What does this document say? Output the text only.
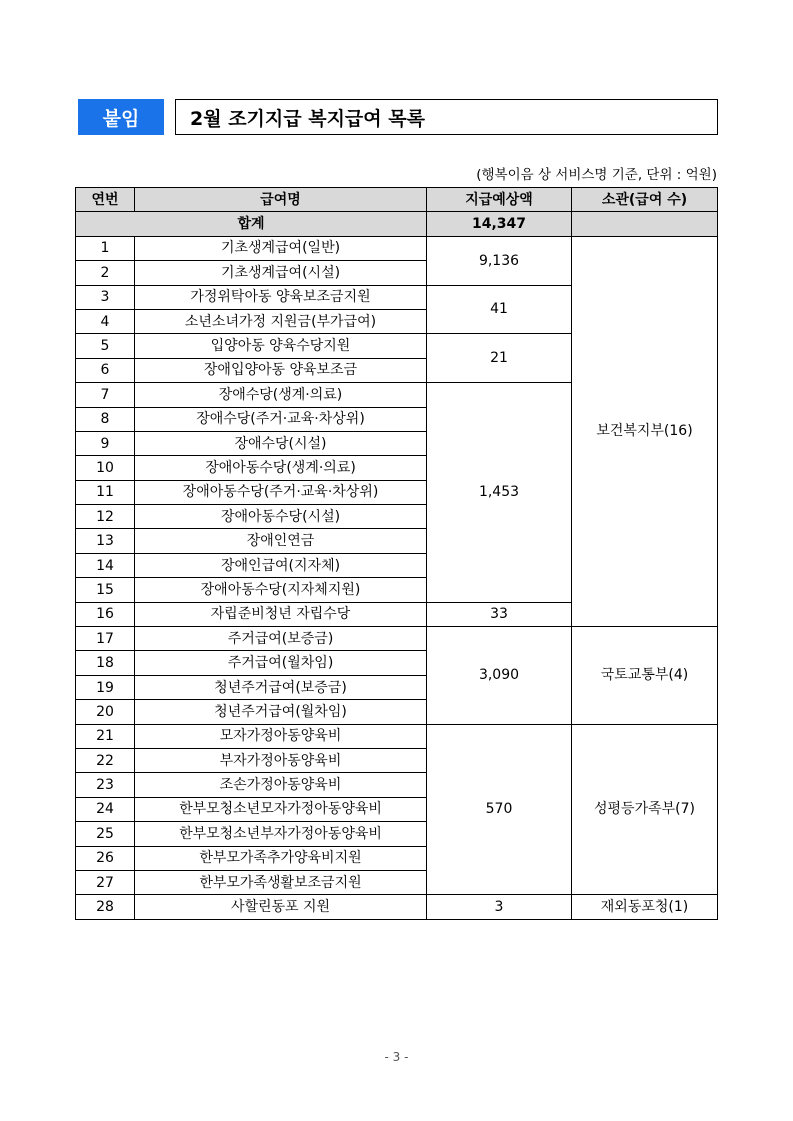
붙임	2월 조기지급 복지급여 목록
(행복이음 상 서비스명 기준, 단위 : 억원)
연번	급여명	지급예상액	소관(급여 수)
합계		14,347	
1	기초생계급여(일반)	9,136	보건복지부(16)
2	기초생계급여(시설)		
3	가정위탁아동 양육보조금지원	41	
4	소년소녀가정 지원금(부가급여)		
5	입양아동 양육수당지원	21	
6	장애입양아동 양육보조금		
7	장애수당(생계·의료)	1,453	
8	장애수당(주거·교육·차상위)		
9	장애수당(시설)		
10	장애아동수당(생계·의료)		
11	장애아동수당(주거·교육·차상위)		
12	장애아동수당(시설)		
13	장애인연금		
14	장애인급여(지자체)		
15	장애아동수당(지자체지원)		
16	자립준비청년 자립수당	33	
17	주거급여(보증금)	3,090	국토교통부(4)
18	주거급여(월차임)		
19	청년주거급여(보증금)		
20	청년주거급여(월차임)		
21	모자가정아동양육비	570	성평등가족부(7)
22	부자가정아동양육비		
23	조손가정아동양육비		
24	한부모청소년모자가정아동양육비		
25	한부모청소년부자가정아동양육비		
26	한부모가족추가양육비지원		
27	한부모가족생활보조금지원		
28	사할린동포 지원	3	재외동포청(1)
- 3 -
